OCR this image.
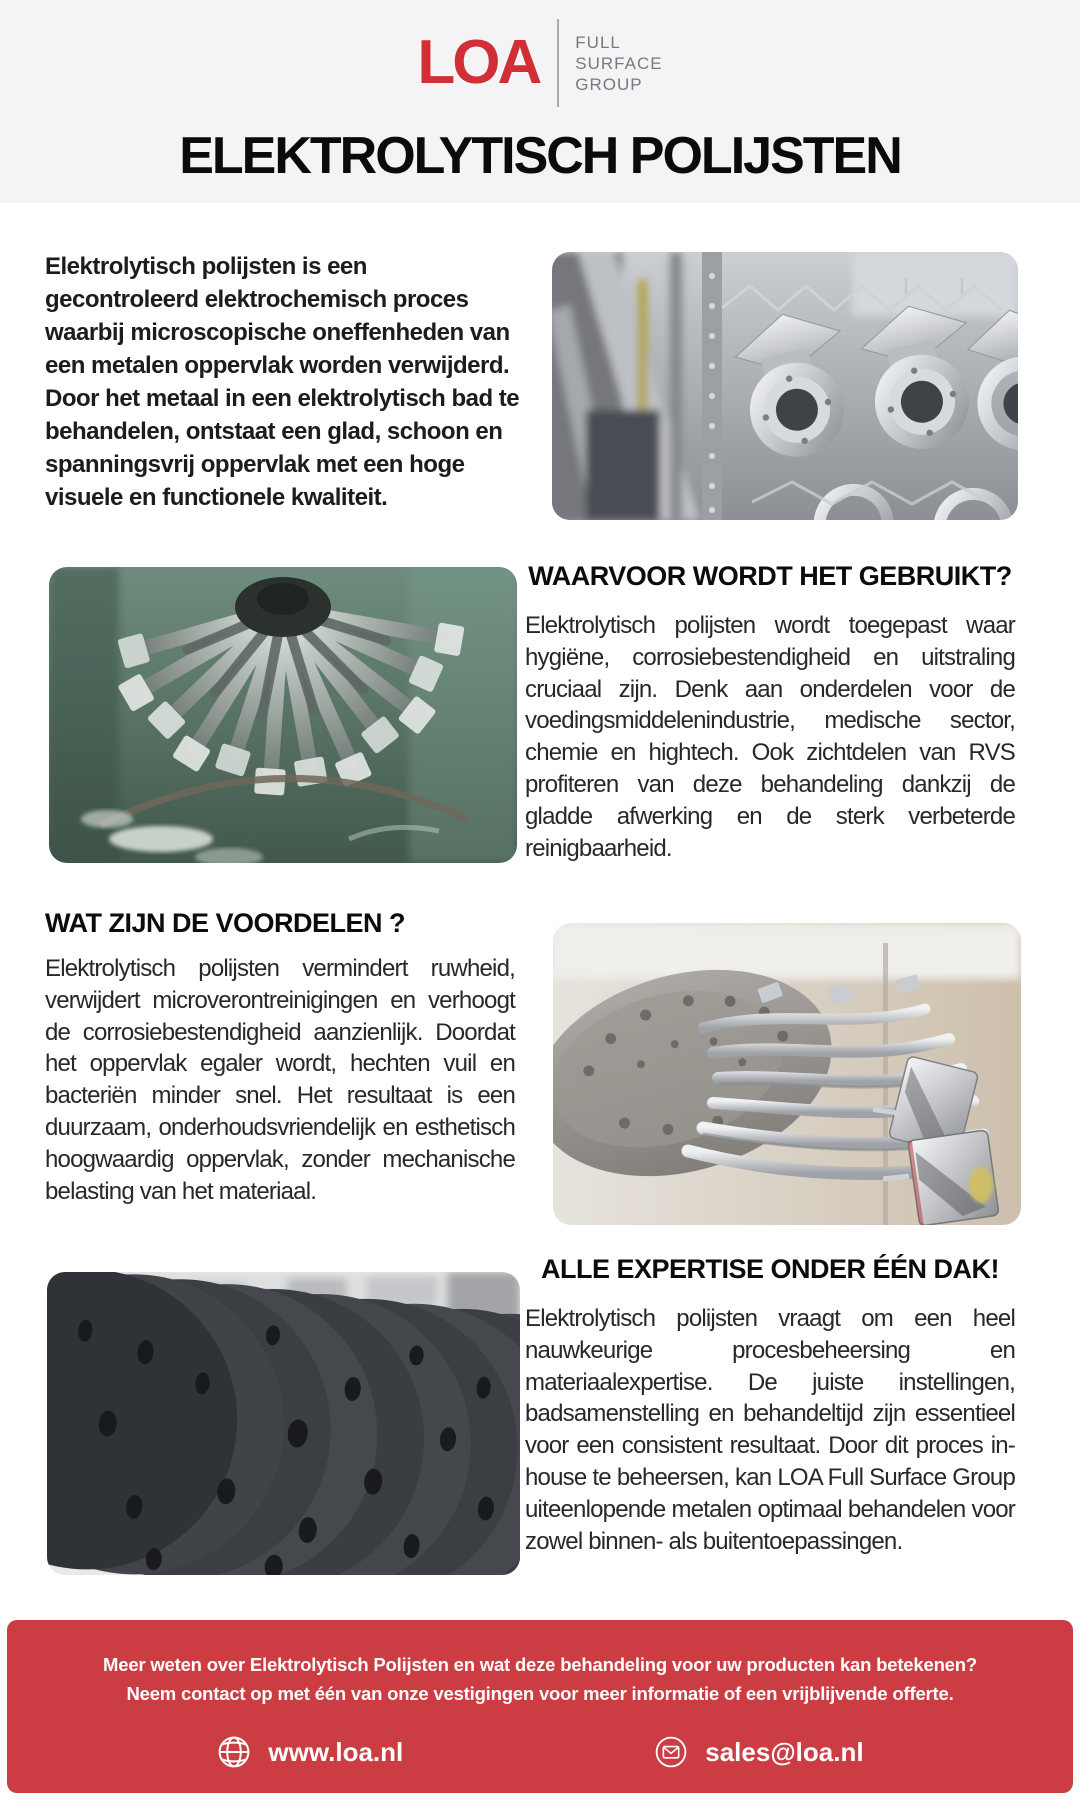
LOA FULL
SURFACE
GROUP
ELEKTROLYTISCH POLIJSTEN
Elektrolytisch polijsten is een gecontroleerd elektrochemisch proces waarbij microscopische oneffenheden van een metalen oppervlak worden verwijderd. Door het metaal in een elektrolytisch bad te behandelen, ontstaat een glad, schoon en spanningsvrij oppervlak met een hoge visuele en functionele kwaliteit.
WAARVOOR WORDT HET GEBRUIKT?
Elektrolytisch polijsten wordt toegepast waar hygiëne, corrosiebestendigheid en uitstraling cruciaal zijn. Denk aan onderdelen voor de voedingsmiddelenindustrie, medische sector, chemie en hightech. Ook zichtdelen van RVS profiteren van deze behandeling dankzij de gladde afwerking en de sterk verbeterde reinigbaarheid.
WAT ZIJN DE VOORDELEN ?
Elektrolytisch polijsten vermindert ruwheid, verwijdert microverontreinigingen en verhoogt de corrosiebestendigheid aanzienlijk. Doordat het oppervlak egaler wordt, hechten vuil en bacteriën minder snel. Het resultaat is een duurzaam, onderhoudsvriendelijk en esthetisch hoogwaardig oppervlak, zonder mechanische belasting van het materiaal.
ALLE EXPERTISE ONDER ÉÉN DAK!
Elektrolytisch polijsten vraagt om een heel nauwkeurige procesbeheersing en materiaalexpertise. De juiste instellingen, badsamenstelling en behandeltijd zijn essentieel voor een consistent resultaat. Door dit proces in-house te beheersen, kan LOA Full Surface Group uiteenlopende metalen optimaal behandelen voor zowel binnen- als buitentoepassingen.
Meer weten over Elektrolytisch Polijsten en wat deze behandeling voor uw producten kan betekenen?
Neem contact op met één van onze vestigingen voor meer informatie of een vrijblijvende offerte.
www.loa.nl	sales@loa.nl
